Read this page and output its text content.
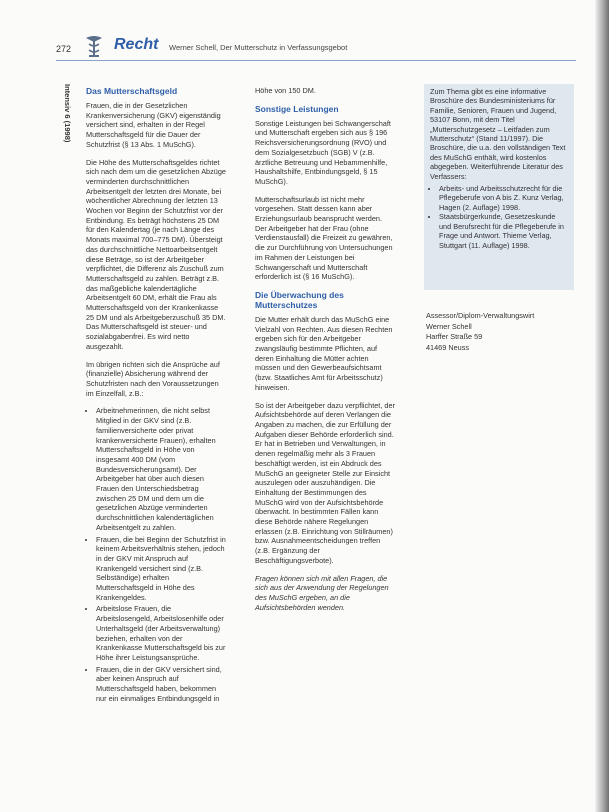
272	Recht Werner Schell, Der Mutterschutz in Verfassungsgebot
Intensiv 6 (1998) Das Mutterschaftsgeld

Frauen, die in der Gesetzlichen Krankenversicherung (GKV) eigenständig versichert sind, erhalten in der Regel Mutterschaftsgeld für die Dauer der Schutzfrist (§ 13 Abs. 1 MuSchG).

Die Höhe des Mutterschaftsgeldes richtet sich nach dem um die gesetzlichen Abzüge verminderten durchschnittlichen Arbeitsentgelt der letzten drei Monate, bei wöchentlicher Abrechnung der letzten 13 Wochen vor Beginn der Schutzfrist vor der Entbindung. Es beträgt höchstens 25 DM für den Kalendertag (je nach Länge des Monats maximal 700–775 DM). Übersteigt das durchschnittliche Nettoarbeitsentgelt diese Beträge, so ist der Arbeitgeber verpflichtet, die Differenz als Zuschuß zum Mutterschaftsgeld zu zahlen. Beträgt z.B. das maßgebliche kalendertägliche Arbeitsentgelt 60 DM, erhält die Frau als Mutterschaftsgeld von der Krankenkasse 25 DM und als Arbeitgeberzuschuß 35 DM. Das Mutterschaftsgeld ist steuer- und sozialabgabenfrei. Es wird netto ausgezahlt.

Im übrigen richten sich die Ansprüche auf (finanzielle) Absicherung während der Schutzfristen nach den Voraussetzungen im Einzelfall, z.B.:

• Arbeitnehmerinnen, die nicht selbst Mitglied in der GKV sind (z.B. familienversicherte oder privat krankenversicherte Frauen), erhalten Mutterschaftsgeld in Höhe von insgesamt 400 DM (vom Bundesversicherungsamt). Der Arbeitgeber hat über auch diesen Frauen den Unterschiedsbetrag zwischen 25 DM und dem um die gesetzlichen Abzüge verminderten durchschnittlichen kalendertäglichen Arbeitsentgelt zu zahlen.
• Frauen, die bei Beginn der Schutzfrist in keinem Arbeitsverhältnis stehen, jedoch in der GKV mit Anspruch auf Krankengeld versichert sind (z.B. Selbständige) erhalten Mutterschaftsgeld in Höhe des Krankengeldes.
• Arbeitslose Frauen, die Arbeitslosengeld, Arbeitslosenhilfe oder Unterhaltsgeld (der Arbeitsverwaltung) beziehen, erhalten von der Krankenkasse Mutterschaftsgeld bis zur Höhe ihrer Leistungsansprüche.
• Frauen, die in der GKV versichert sind, aber keinen Anspruch auf Mutterschaftsgeld haben, bekommen nur ein einmaliges Entbindungsgeld in

Höhe von 150 DM.

Sonstige Leistungen

Sonstige Leistungen bei Schwangerschaft und Mutterschaft ergeben sich aus § 196 Reichsversicherungsordnung (RVO) und dem Sozialgesetzbuch (SGB) V (z.B. ärztliche Betreuung und Hebammenhilfe, Haushaltshilfe, Entbindungsgeld, § 15 MuSchG).

Mutterschaftsurlaub ist nicht mehr vorgesehen. Statt dessen kann aber Erziehungsurlaub beansprucht werden. Der Arbeitgeber hat der Frau (ohne Verdienstausfall) die Freizeit zu gewähren, die zur Durchführung von Untersuchungen im Rahmen der Leistungen bei Schwangerschaft und Mutterschaft erforderlich ist (§ 16 MuSchG).

Die Überwachung des Mutterschutzes

Die Mutter erhält durch das MuSchG eine Vielzahl von Rechten. Aus diesen Rechten ergeben sich für den Arbeitgeber zwangsläufig bestimmte Pflichten, auf deren Einhaltung die Mütter achten müssen und den Gewerbeaufsichtsamt (bzw. Staatliches Amt für Arbeitsschutz) hinweisen.

So ist der Arbeitgeber dazu verpflichtet, der Aufsichtsbehörde auf deren Verlangen die Angaben zu machen, die zur Erfüllung der Aufgaben dieser Behörde erforderlich sind. Er hat in Betrieben und Verwaltungen, in denen regelmäßig mehr als 3 Frauen beschäftigt werden, ist ein Abdruck des MuSchG an geeigneter Stelle zur Einsicht auszulegen oder auszuhändigen. Die Einhaltung der Bestimmungen des MuSchG wird von der Aufsichtsbehörde überwacht. In bestimmten Fällen kann diese Behörde nähere Regelungen erlassen (z.B. Einrichtung von Stillräumen) bzw. Ausnahmeentscheidungen treffen (z.B. Ergänzung der Beschäftigungsverbote).

Fragen können sich mit allen Fragen, die sich aus der Anwendung der Regelungen des MuSchG ergeben, an die Aufsichtsbehörden wenden.

Zum Thema gibt es eine informative Broschüre des Bundesministeriums für Familie, Senioren, Frauen und Jugend, 53107 Bonn, mit dem Titel „Mutterschutzgesetz – Leitfaden zum Mutterschutz“ (Stand 11/1997). Die Broschüre, die u.a. den vollständigen Text des MuSchG enthält, wird kostenlos abgegeben. Weiterführende Literatur des Verfassers:

• Arbeits- und Arbeitsschutzrecht für die Pflegeberufe von A bis Z. Kunz Verlag, Hagen (2. Auflage) 1998.
• Staatsbürgerkunde, Gesetzeskunde und Berufsrecht für die Pflegeberufe in Frage und Antwort. Thieme Verlag, Stuttgart (11. Auflage) 1998.
Assessor/Diplom-Verwaltungswirt
Werner Schell
Harffer Straße 59
41469 Neuss
